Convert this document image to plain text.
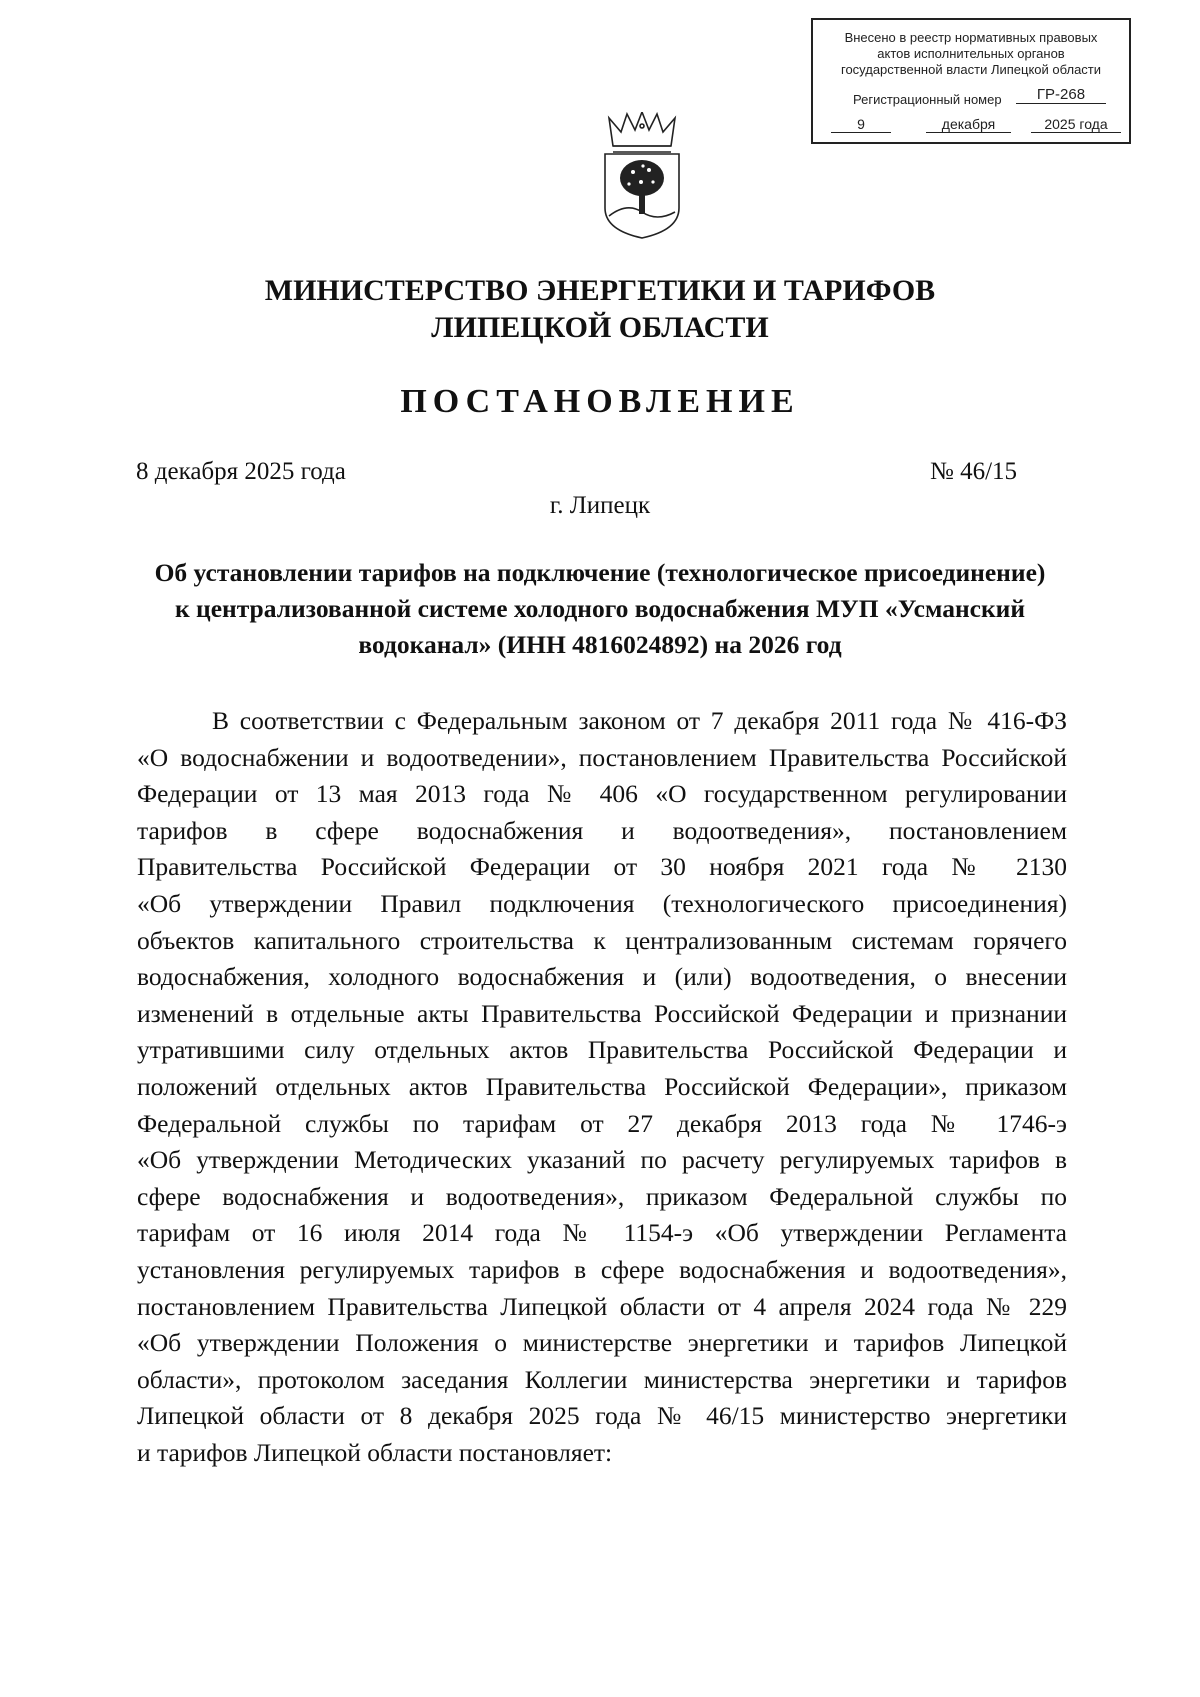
Внесено в реестр нормативных правовых
актов исполнительных органов
государственной власти Липецкой области
Регистрационный номер	ГР-268
9	декабря	2025 года
МИНИСТЕРСТВО ЭНЕРГЕТИКИ И ТАРИФОВ
ЛИПЕЦКОЙ ОБЛАСТИ
ПОСТАНОВЛЕНИЕ
8 декабря 2025 года	№ 46/15
г. Липецк
Об установлении тарифов на подключение (технологическое присоединение)
к централизованной системе холодного водоснабжения МУП «Усманский
водоканал» (ИНН 4816024892) на 2026 год
В соответствии с Федеральным законом от 7 декабря 2011 года № 416-ФЗ
«О водоснабжении и водоотведении», постановлением Правительства Российской
Федерации от 13 мая 2013 года № 406 «О государственном регулировании
тарифов в сфере водоснабжения и водоотведения», постановлением
Правительства Российской Федерации от 30 ноября 2021 года № 2130
«Об утверждении Правил подключения (технологического присоединения)
объектов капитального строительства к централизованным системам горячего
водоснабжения, холодного водоснабжения и (или) водоотведения, о внесении
изменений в отдельные акты Правительства Российской Федерации и признании
утратившими силу отдельных актов Правительства Российской Федерации и
положений отдельных актов Правительства Российской Федерации», приказом
Федеральной службы по тарифам от 27 декабря 2013 года № 1746-э
«Об утверждении Методических указаний по расчету регулируемых тарифов в
сфере водоснабжения и водоотведения», приказом Федеральной службы по
тарифам от 16 июля 2014 года № 1154-э «Об утверждении Регламента
установления регулируемых тарифов в сфере водоснабжения и водоотведения»,
постановлением Правительства Липецкой области от 4 апреля 2024 года № 229
«Об утверждении Положения о министерстве энергетики и тарифов Липецкой
области», протоколом заседания Коллегии министерства энергетики и тарифов
Липецкой области от 8 декабря 2025 года № 46/15 министерство энергетики
и тарифов Липецкой области постановляет:
